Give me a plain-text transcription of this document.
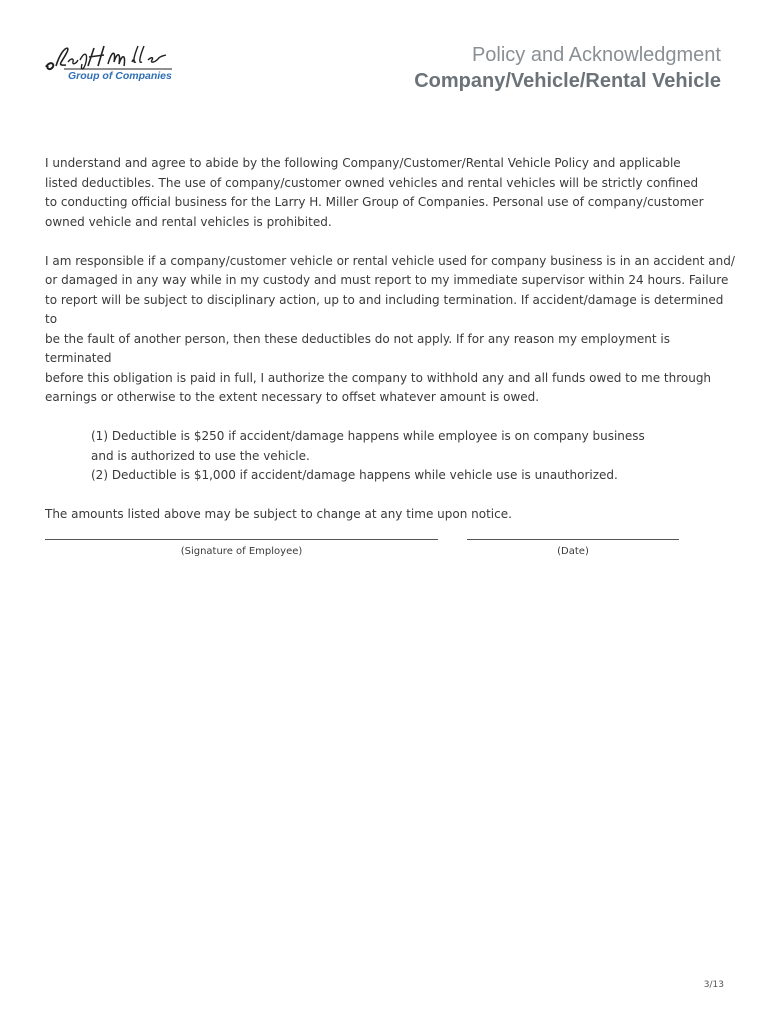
Group of Companies
Policy and Acknowledgment
Company/Vehicle/Rental Vehicle

I understand and agree to abide by the following Company/Customer/Rental Vehicle Policy and applicable
listed deductibles. The use of company/customer owned vehicles and rental vehicles will be strictly confined
to conducting official business for the Larry H. Miller Group of Companies. Personal use of company/customer
owned vehicle and rental vehicles is prohibited.

I am responsible if a company/customer vehicle or rental vehicle used for company business is in an accident and/
or damaged in any way while in my custody and must report to my immediate supervisor within 24 hours. Failure
to report will be subject to disciplinary action, up to and including termination. If accident/damage is determined to
be the fault of another person, then these deductibles do not apply. If for any reason my employment is terminated
before this obligation is paid in full, I authorize the company to withhold any and all funds owed to me through
earnings or otherwise to the extent necessary to offset whatever amount is owed.

(1) Deductible is $250 if accident/damage happens while employee is on company business
and is authorized to use the vehicle.
(2) Deductible is $1,000 if accident/damage happens while vehicle use is unauthorized.

The amounts listed above may be subject to change at any time upon notice.

(Signature of Employee)	(Date)
3/13
